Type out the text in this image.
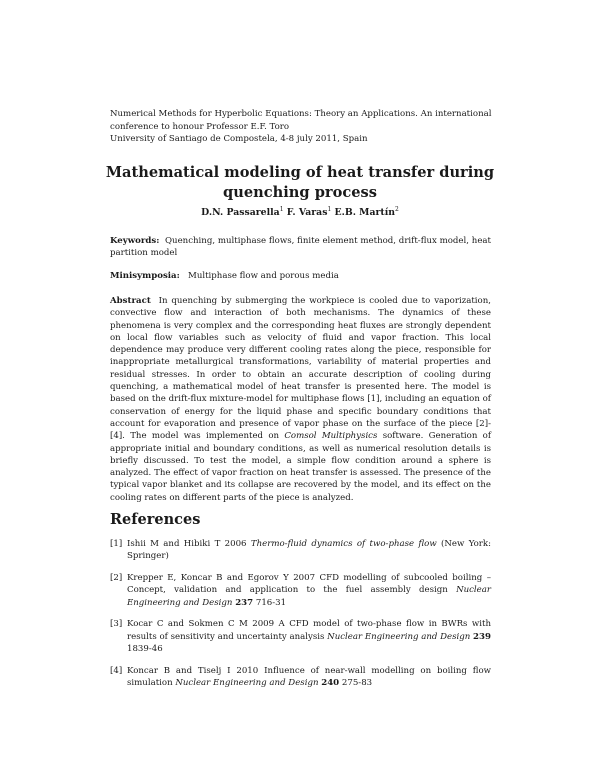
Numerical Methods for Hyperbolic Equations: Theory an Applications. An international
conference to honour Professor E.F. Toro
University of Santiago de Compostela, 4-8 july 2011, Spain
Mathematical modeling of heat transfer during
quenching process
D.N. Passarella$^1$ F. Varas$^1$ E.B. Martín$^2$
Keywords: Quenching, multiphase flows, finite element method, drift-flux model, heat partition model
Minisymposia: Multiphase flow and porous media
Abstract In quenching by submerging the workpiece is cooled due to vaporization, convective flow and interaction of both mechanisms. The dynamics of these phenomena is very complex and the corresponding heat fluxes are strongly dependent on local flow variables such as velocity of fluid and vapor fraction. This local dependence may produce very different cooling rates along the piece, responsible for inappropriate metallurgical transformations, variability of material properties and residual stresses. In order to obtain an accurate description of cooling during quenching, a mathematical model of heat transfer is presented here. The model is based on the drift-flux mixture-model for multiphase flows [1], including an equation of conservation of energy for the liquid phase and specific boundary conditions that account for evaporation and presence of vapor phase on the surface of the piece [2]-[4]. The model was implemented on Comsol Multiphysics software. Generation of appropriate initial and boundary conditions, as well as numerical resolution details is briefly discussed. To test the model, a simple flow condition around a sphere is analyzed. The effect of vapor fraction on heat transfer is assessed. The presence of the typical vapor blanket and its collapse are recovered by the model, and its effect on the cooling rates on different parts of the piece is analyzed.
References
[1] Ishii M and Hibiki T 2006 Thermo-fluid dynamics of two-phase flow (New York: Springer)
[2] Krepper E, Koncar B and Egorov Y 2007 CFD modelling of subcooled boiling – Concept, validation and application to the fuel assembly design Nuclear Engineering and Design 237 716-31
[3] Kocar C and Sokmen C M 2009 A CFD model of two-phase flow in BWRs with results of sensitivity and uncertainty analysis Nuclear Engineering and Design 239 1839-46
[4] Koncar B and Tiselj I 2010 Influence of near-wall modelling on boiling flow simulation Nuclear Engineering and Design 240 275-83
